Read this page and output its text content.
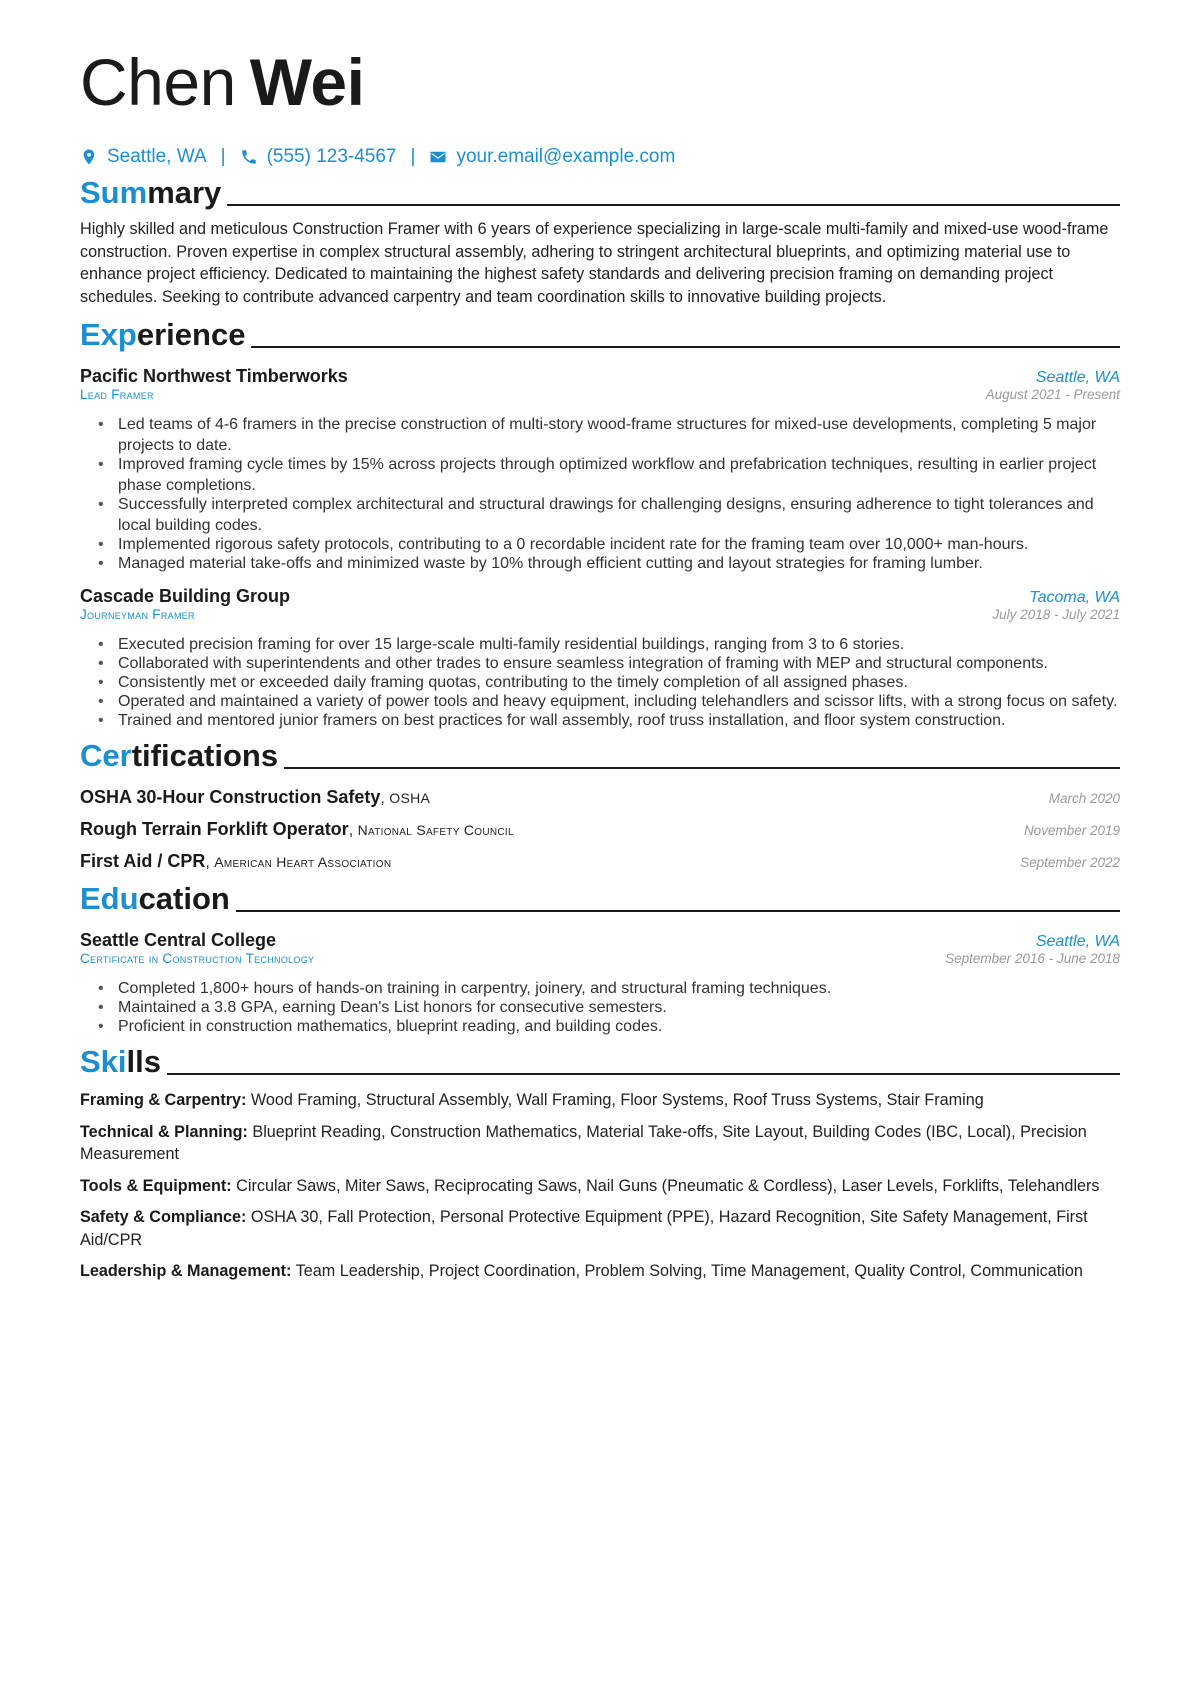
Chen Wei
Seattle, WA | (555) 123-4567 | your.email@example.com
Summary
Highly skilled and meticulous Construction Framer with 6 years of experience specializing in large-scale multi-family and mixed-use wood-frame construction. Proven expertise in complex structural assembly, adhering to stringent architectural blueprints, and optimizing material use to enhance project efficiency. Dedicated to maintaining the highest safety standards and delivering precision framing on demanding project schedules. Seeking to contribute advanced carpentry and team coordination skills to innovative building projects.
Experience
Pacific Northwest Timberworks	Seattle, WA
Lead Framer	August 2021 - Present
• Led teams of 4-6 framers in the precise construction of multi-story wood-frame structures for mixed-use developments, completing 5 major projects to date.
• Improved framing cycle times by 15% across projects through optimized workflow and prefabrication techniques, resulting in earlier project phase completions.
• Successfully interpreted complex architectural and structural drawings for challenging designs, ensuring adherence to tight tolerances and local building codes.
• Implemented rigorous safety protocols, contributing to a 0 recordable incident rate for the framing team over 10,000+ man-hours.
• Managed material take-offs and minimized waste by 10% through efficient cutting and layout strategies for framing lumber.
Cascade Building Group	Tacoma, WA
Journeyman Framer	July 2018 - July 2021
• Executed precision framing for over 15 large-scale multi-family residential buildings, ranging from 3 to 6 stories.
• Collaborated with superintendents and other trades to ensure seamless integration of framing with MEP and structural components.
• Consistently met or exceeded daily framing quotas, contributing to the timely completion of all assigned phases.
• Operated and maintained a variety of power tools and heavy equipment, including telehandlers and scissor lifts, with a strong focus on safety.
• Trained and mentored junior framers on best practices for wall assembly, roof truss installation, and floor system construction.
Certifications
OSHA 30-Hour Construction Safety, OSHA	March 2020
Rough Terrain Forklift Operator, National Safety Council	November 2019
First Aid / CPR, American Heart Association	September 2022
Education
Seattle Central College	Seattle, WA
Certificate in Construction Technology	September 2016 - June 2018
• Completed 1,800+ hours of hands-on training in carpentry, joinery, and structural framing techniques.
• Maintained a 3.8 GPA, earning Dean's List honors for consecutive semesters.
• Proficient in construction mathematics, blueprint reading, and building codes.
Skills
Framing & Carpentry: Wood Framing, Structural Assembly, Wall Framing, Floor Systems, Roof Truss Systems, Stair Framing
Technical & Planning: Blueprint Reading, Construction Mathematics, Material Take-offs, Site Layout, Building Codes (IBC, Local), Precision Measurement
Tools & Equipment: Circular Saws, Miter Saws, Reciprocating Saws, Nail Guns (Pneumatic & Cordless), Laser Levels, Forklifts, Telehandlers
Safety & Compliance: OSHA 30, Fall Protection, Personal Protective Equipment (PPE), Hazard Recognition, Site Safety Management, First Aid/CPR
Leadership & Management: Team Leadership, Project Coordination, Problem Solving, Time Management, Quality Control, Communication
